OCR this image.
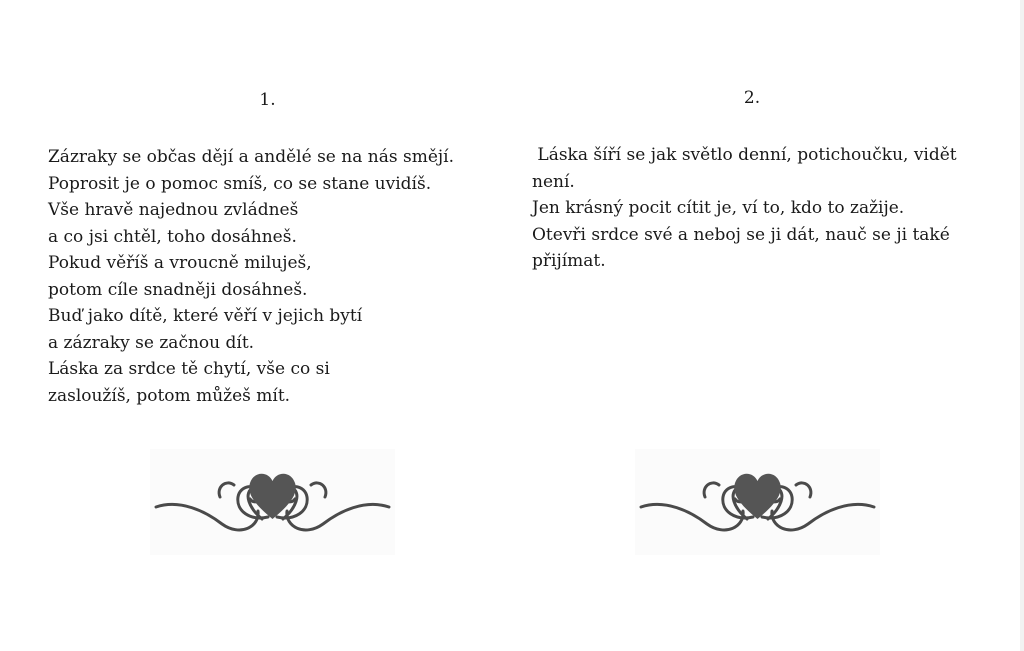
1.
Zázraky se občas dějí a andělé se na nás smějí.
Poprosit je o pomoc smíš, co se stane uvidíš.
Vše hravě najednou zvládneš
a co jsi chtěl, toho dosáhneš.
Pokud věříš a vroucně miluješ,
potom cíle snadněji dosáhneš.
Buď jako dítě, které věří v jejich bytí
a zázraky se začnou dít.
Láska za srdce tě chytí, vše co si
zasloužíš, potom můžeš mít.
2.
Láska šíří se jak světlo denní, potichoučku, vidět
není.
Jen krásný pocit cítit je, ví to, kdo to zažije.
Otevři srdce své a neboj se ji dát, nauč se ji také
přijímat.
